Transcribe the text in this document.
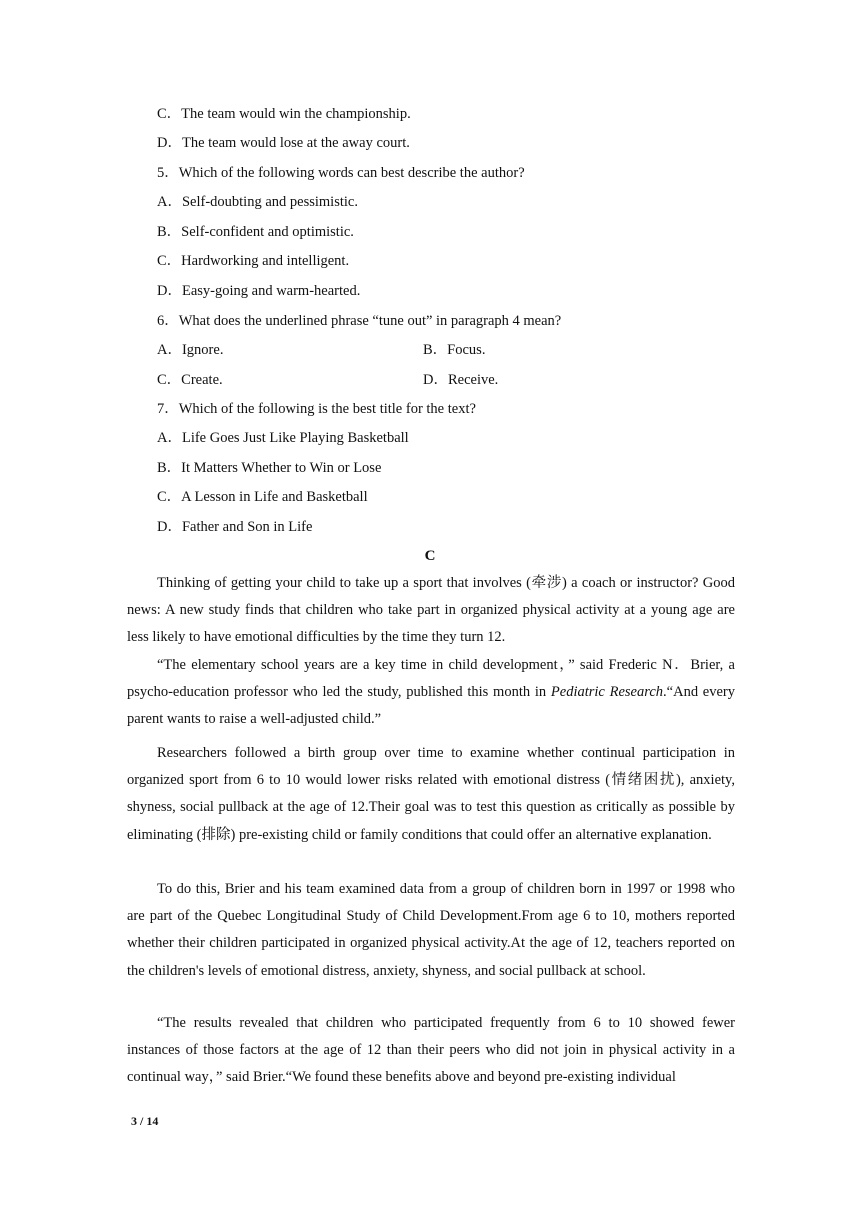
C．The team would win the championship.
D．The team would lose at the away court.
5．Which of the following words can best describe the author?
A．Self-doubting and pessimistic.
B．Self-confident and optimistic.
C．Hardworking and intelligent.
D．Easy-going and warm-hearted.
6．What does the underlined phrase “tune out” in paragraph 4 mean?
A．Ignore.	B．Focus.
C．Create.	D．Receive.
7．Which of the following is the best title for the text?
A．Life Goes Just Like Playing Basketball
B．It Matters Whether to Win or Lose
C．A Lesson in Life and Basketball
D．Father and Son in Life
C

Thinking of getting your child to take up a sport that involves (牵涉) a coach or instructor? Good news: A new study finds that children who take part in organized physical activity at a young age are less likely to have emotional difficulties by the time they turn 12.

“The elementary school years are a key time in child development，” said Frederic N．Brier, a psycho-education professor who led the study, published this month in Pediatric Research.“And every parent wants to raise a well-adjusted child.”

Researchers followed a birth group over time to examine whether continual participation in organized sport from 6 to 10 would lower risks related with emotional distress (情绪困扰), anxiety, shyness, social pullback at the age of 12.Their goal was to test this question as critically as possible by eliminating (排除) pre-existing child or family conditions that could offer an alternative explanation.

To do this, Brier and his team examined data from a group of children born in 1997 or 1998 who are part of the Quebec Longitudinal Study of Child Development.From age 6 to 10, mothers reported whether their children participated in organized physical activity.At the age of 12, teachers reported on the children's levels of emotional distress, anxiety, shyness, and social pullback at school.

“The results revealed that children who participated frequently from 6 to 10 showed fewer instances of those factors at the age of 12 than their peers who did not join in physical activity in a continual way，” said Brier.“We found these benefits above and beyond pre-existing individual

3 / 14
